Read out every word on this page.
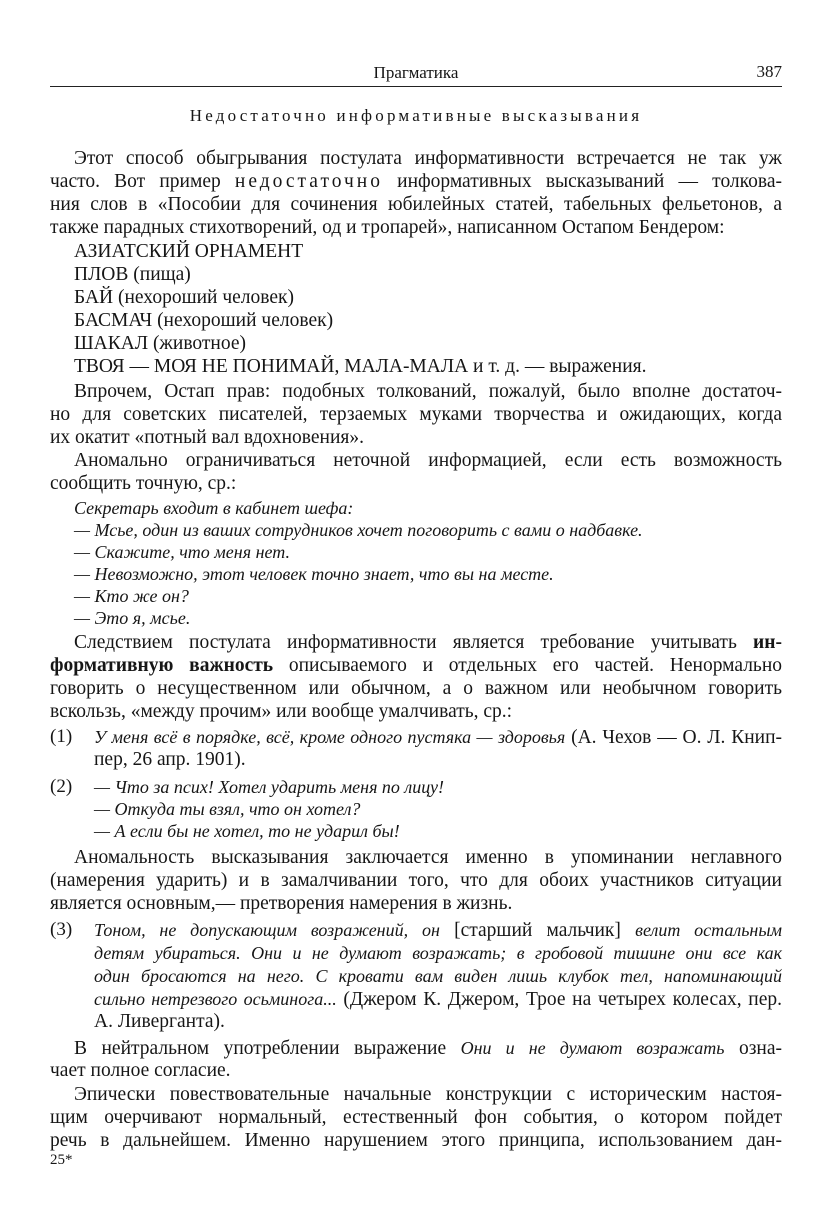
Прагматика	387
Недостаточно информативные высказывания
Этот способ обыгрывания постулата информативности встречается не так уж
часто. Вот пример недостаточно информативных высказываний — толкова-
ния слов в «Пособии для сочинения юбилейных статей, табельных фельетонов, а
также парадных стихотворений, од и тропарей», написанном Остапом Бендером:
АЗИАТСКИЙ ОРНАМЕНТ
ПЛОВ (пища)
БАЙ (нехороший человек)
БАСМАЧ (нехороший человек)
ШАКАЛ (животное)
ТВОЯ — МОЯ НЕ ПОНИМАЙ, МАЛА-МАЛА и т. д. — выражения.
Впрочем, Остап прав: подобных толкований, пожалуй, было вполне достаточ-
но для советских писателей, терзаемых муками творчества и ожидающих, когда
их окатит «потный вал вдохновения».
Аномально ограничиваться неточной информацией, если есть возможность
сообщить точную, ср.:
Секретарь входит в кабинет шефа:
— Мсье, один из ваших сотрудников хочет поговорить с вами о надбавке.
— Скажите, что меня нет.
— Невозможно, этот человек точно знает, что вы на месте.
— Кто же он?
— Это я, мсье.
Следствием постулата информативности является требование учитывать ин-
формативную важность описываемого и отдельных его частей. Ненормально
говорить о несущественном или обычном, а о важном или необычном говорить
вскользь, «между прочим» или вообще умалчивать, ср.:
(1) У меня всё в порядке, всё, кроме одного пустяка — здоровья (А. Чехов — О. Л. Книп-
пер, 26 апр. 1901).
(2) — Что за псих! Хотел ударить меня по лицу!
— Откуда ты взял, что он хотел?
— А если бы не хотел, то не ударил бы!
Аномальность высказывания заключается именно в упоминании неглавного
(намерения ударить) и в замалчивании того, что для обоих участников ситуации
является основным,— претворения намерения в жизнь.
(3) Тоном, не допускающим возражений, он [старший мальчик] велит остальным
детям убираться. Они и не думают возражать; в гробовой тишине они все как
один бросаются на него. С кровати вам виден лишь клубок тел, напоминающий
сильно нетрезвого осьминога... (Джером К. Джером, Трое на четырех колесах, пер.
А. Ливерганта).
В нейтральном употреблении выражение Они и не думают возражать озна-
чает полное согласие.
Эпически повествовательные начальные конструкции с историческим настоя-
щим очерчивают нормальный, естественный фон события, о котором пойдет
речь в дальнейшем. Именно нарушением этого принципа, использованием дан-
25*
